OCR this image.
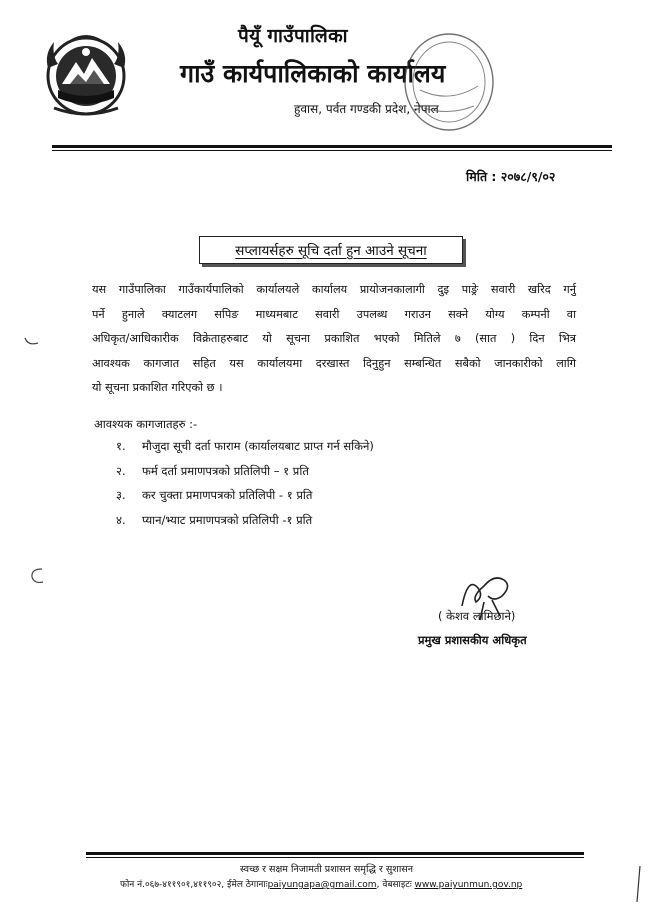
पैयूँ गाउँपालिका
गाउँ कार्यपालिकाको कार्यालय
हुवास, पर्वत गण्डकी प्रदेश, नेपाल
मिति : २०७८/९/०२
सप्लायर्सहरु सूचि दर्ता हुन आउने सूचना

यस गाउँपालिका गाउँकार्यपालिको कार्यालयले कार्यालय प्रायोजनकालागी दुइ पाङ्रे सवारी खरिद गर्नु

पर्ने हुनाले क्याटलग सपिङ माध्यमबाट सवारी उपलब्ध गराउन सक्ने योग्य कम्पनी वा

अधिकृत/आधिकारीक विक्रेताहरुबाट यो सूचना प्रकाशित भएको मितिले ७ (सात ) दिन भित्र

आवश्यक कागजात सहित यस कार्यालयमा दरखास्त दिनुहुन सम्बन्धित सबैको जानकारीको लागि

यो सूचना प्रकाशित गरिएको छ ।

आवश्यक कागजातहरु :-
१.	मौजुदा सूची दर्ता फाराम (कार्यालयबाट प्राप्त गर्न सकिने)
२.	फर्म दर्ता प्रमाणपत्रको प्रतिलिपी – १ प्रति
३.	कर चुक्ता प्रमाणपत्रको प्रतिलिपी - १ प्रति
४.	प्यान/भ्याट प्रमाणपत्रको प्रतिलिपी -१ प्रति
( केशव लामिछाने)
प्रमुख प्रशासकीय अधिकृत
स्वच्छ र सक्षम निजामती प्रशासन समृद्धि र सुशासन
फोन नं.०६७-४११९०१,४११९०२, ईमेल ठेगानाःpaiyungapa@gmail.com, वेबसाइटः www.paiyunmun.gov.np
